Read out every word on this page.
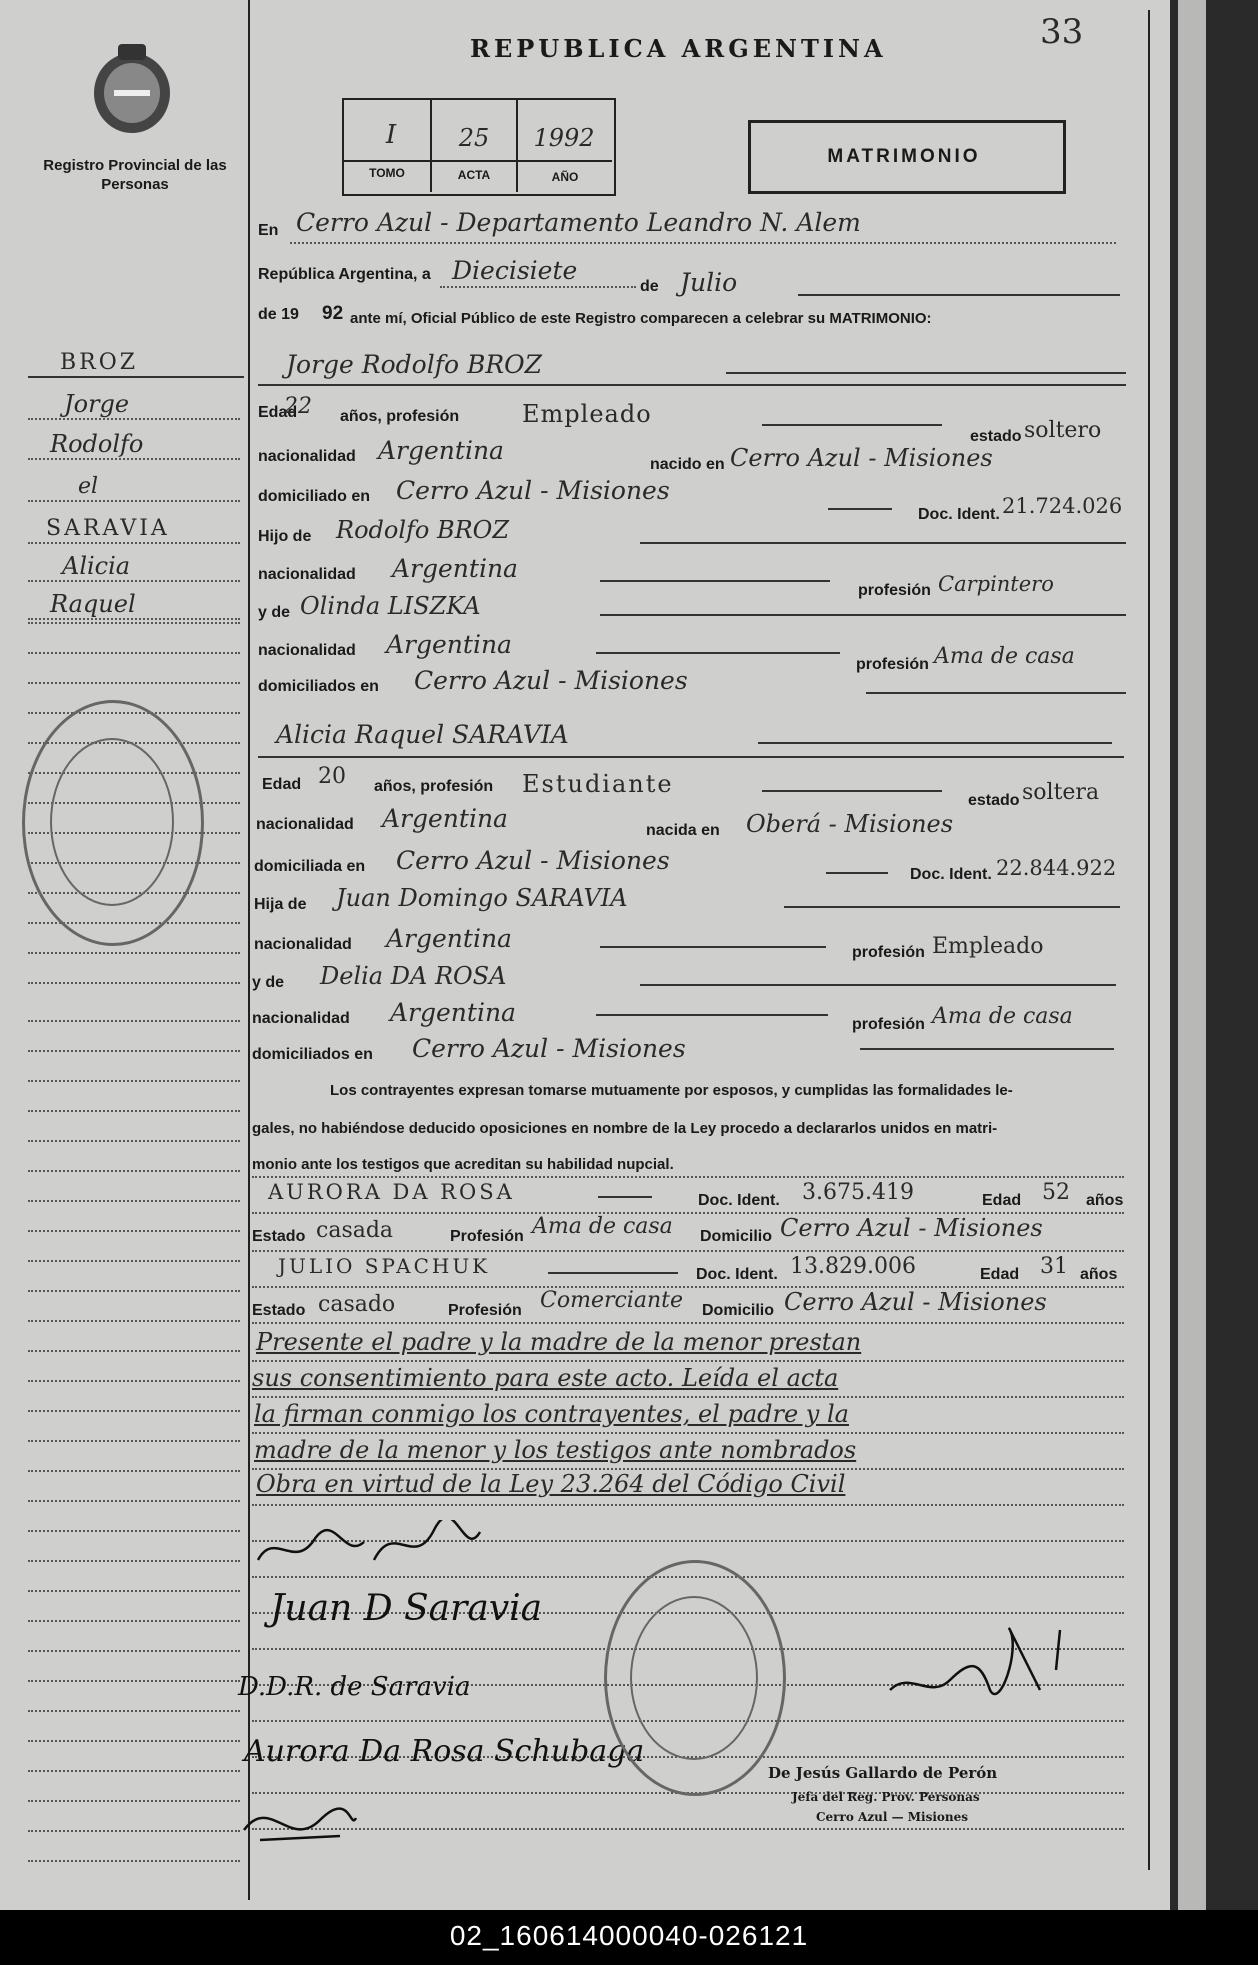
33
Registro Provincial de las Personas
REPUBLICA ARGENTINA
I	25	1992
TOMO	ACTA	AÑO
MATRIMONIO
BROZ
Jorge
Rodolfo
el
SARAVIA
Alicia
Raquel
En Cerro Azul - Departamento Leandro N. Alem
República Argentina, a Diecisiete
de Julio
de 19 92 ante mí, Oficial Público de este Registro comparecen a celebrar su MATRIMONIO:
Jorge Rodolfo BROZ
Edad
22 años, profesión	Empleado
estado soltero
nacionalidad Argentina	nacido en Cerro Azul - Misiones
domiciliado en Cerro Azul - Misiones
Doc. Ident. 21.724.026
Hijo de Rodolfo BROZ
nacionalidad Argentina
profesión Carpintero
y de Olinda LISZKA
nacionalidad Argentina
profesión Ama de casa
domiciliados en Cerro Azul - Misiones
Alicia Raquel SARAVIA
Edad 20 años, profesión Estudiante
estado soltera
nacionalidad Argentina	nacida en Oberá - Misiones
domiciliada en Cerro Azul - Misiones	Doc. Ident. 22.844.922
Hija de Juan Domingo SARAVIA
nacionalidad Argentina	profesión Empleado
y de Delia DA ROSA
nacionalidad Argentina	profesión Ama de casa
domiciliados en Cerro Azul - Misiones
Los contrayentes expresan tomarse mutuamente por esposos, y cumplidas las formalidades le-
gales, no habiéndose deducido oposiciones en nombre de la Ley procedo a declararlos unidos en matri-
monio ante los testigos que acreditan su habilidad nupcial.
AURORA DA ROSA	Doc. Ident. 3.675.419	Edad 52 años
Estado casada	Profesión Ama de casa Domicilio Cerro Azul - Misiones
JULIO SPACHUK	Doc. Ident. 13.829.006	Edad 31 años
Estado casado	Profesión Comerciante Domicilio Cerro Azul - Misiones
Presente el padre y la madre de la menor prestan
sus consentimiento para este acto. Leída el acta
la firman conmigo los contrayentes, el padre y la
madre de la menor y los testigos ante nombrados
Obra en virtud de la Ley 23.264 del Código Civil
Juan D Saravia
D.D.R. de Saravia
Aurora Da Rosa Schubaga
De Jesús Gallardo de Perón
Jefa del Reg. Prov. Personas
Cerro Azul — Misiones
02_160614000040-026121
